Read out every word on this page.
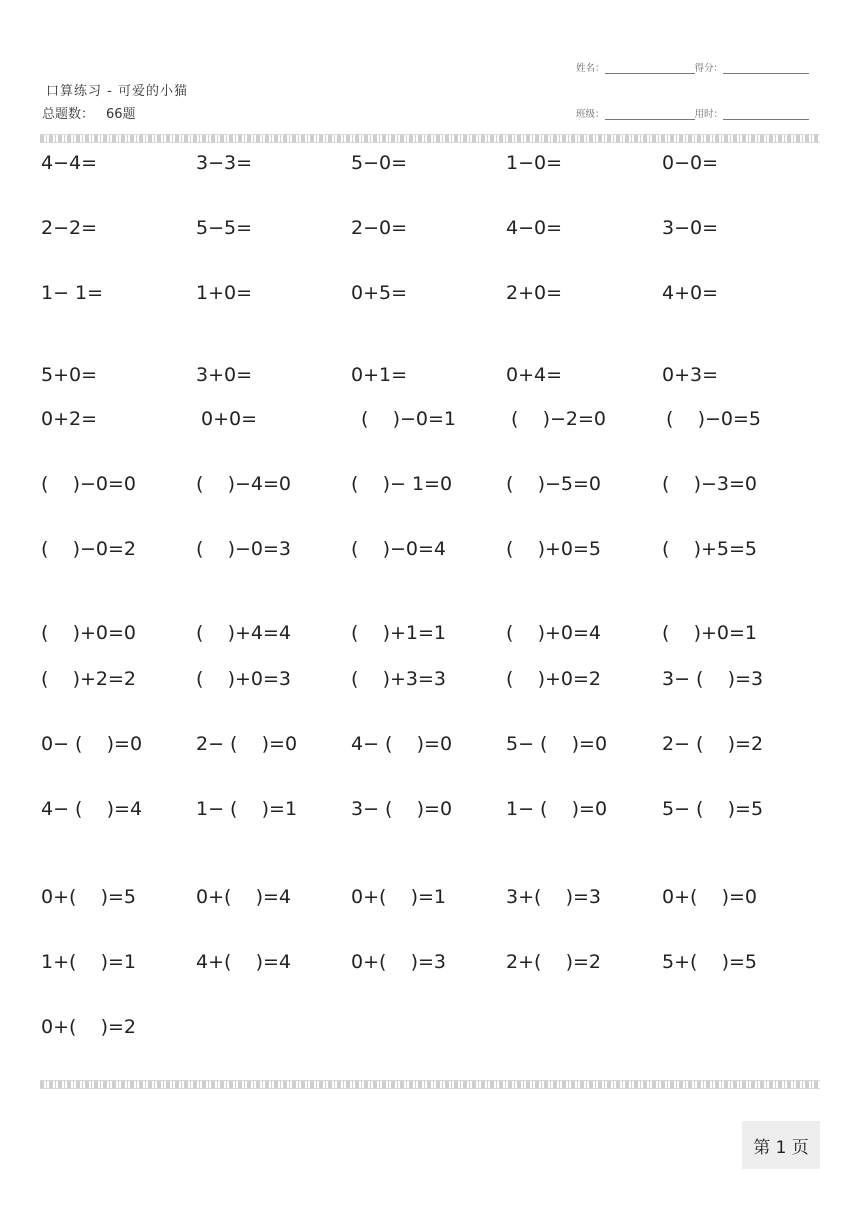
口算练习 - 可爱的小猫
总题数： 66题
姓名：	得分：
班级：	用时：
4−4=	3−3=	5−0=	1−0=	0−0=
2−2=	5−5=	2−0=	4−0=	3−0=
1− 1=	1+0=	0+5=	2+0=	4+0=
5+0=	3+0=	0+1=	0+4=	0+3=
0+2=	0+0=	(    )−0=1	(    )−2=0	(    )−0=5
(    )−0=0	(    )−4=0	(    )− 1=0	(    )−5=0	(    )−3=0
(    )−0=2	(    )−0=3	(    )−0=4	(    )+0=5	(    )+5=5
(    )+0=0	(    )+4=4	(    )+1=1	(    )+0=4	(    )+0=1
(    )+2=2	(    )+0=3	(    )+3=3	(    )+0=2	3− (    )=3
0− (    )=0	2− (    )=0	4− (    )=0	5− (    )=0	2− (    )=2
4− (    )=4	1− (    )=1	3− (    )=0	1− (    )=0	5− (    )=5
0+(    )=5	0+(    )=4	0+(    )=1	3+(    )=3	0+(    )=0
1+(    )=1	4+(    )=4	0+(    )=3	2+(    )=2	5+(    )=5
0+(    )=2
第 1 页
